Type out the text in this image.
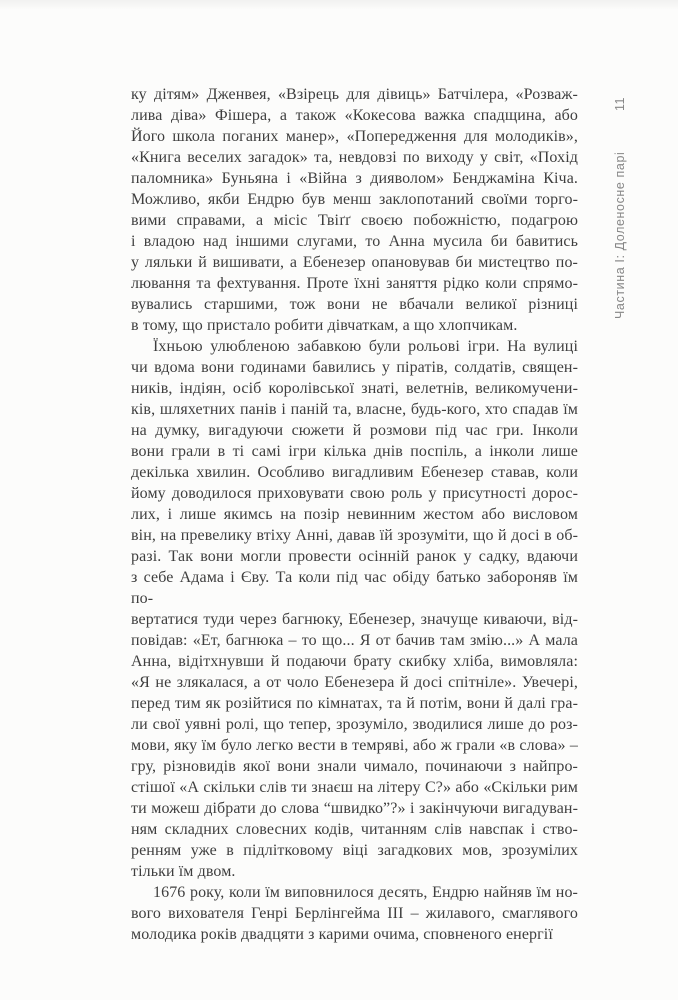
ку дітям» Дженвея, «Взірець для дівиць» Батчілера, «Розваж-
лива діва» Фішера, а також «Кокесова важка спадщина, або
Його школа поганих манер», «Попередження для молодиків»,
«Книга веселих загадок» та, невдовзі по виходу у світ, «Похід
паломника» Буньяна і «Війна з дияволом» Бенджаміна Кіча.
Можливо, якби Ендрю був менш заклопотаний своїми торго-
вими справами, а місіс Твіґґ своєю побожністю, подагрою
і владою над іншими слугами, то Анна мусила би бавитись
у ляльки й вишивати, а Ебенезер опановував би мистецтво по-
лювання та фехтування. Проте їхні заняття рідко коли спрямо-
вувались старшими, тож вони не вбачали великої різниці
в тому, що пристало робити дівчаткам, а що хлопчикам.
Їхньою улюбленою забавкою були рольові ігри. На вулиці
чи вдома вони годинами бавились у піратів, солдатів, священ-
ників, індіян, осіб королівської знаті, велетнів, великомучени-
ків, шляхетних панів і паній та, власне, будь-кого, хто спадав їм
на думку, вигадуючи сюжети й розмови під час гри. Інколи
вони грали в ті самі ігри кілька днів поспіль, а інколи лише
декілька хвилин. Особливо вигадливим Ебенезер ставав, коли
йому доводилося приховувати свою роль у присутності дорос-
лих, і лише якимсь на позір невинним жестом або висловом
він, на превелику втіху Анні, давав їй зрозуміти, що й досі в об-
разі. Так вони могли провести осінній ранок у садку, вдаючи
з себе Адама і Єву. Та коли під час обіду батько забороняв їм по-
вертатися туди через багнюку, Ебенезер, значуще киваючи, від-
повідав: «Ет, багнюка – то що... Я от бачив там змію...» А мала
Анна, відітхнувши й подаючи брату скибку хліба, вимовляла:
«Я не злякалася, а от чоло Ебенезера й досі спітніле». Увечері,
перед тим як розійтися по кімнатах, та й потім, вони й далі гра-
ли свої уявні ролі, що тепер, зрозуміло, зводилися лише до роз-
мови, яку їм було легко вести в темряві, або ж грали «в слова» –
гру, різновидів якої вони знали чимало, починаючи з найпро-
стішої «А скільки слів ти знаєш на літеру С?» або «Скільки рим
ти можеш дібрати до слова “швидко”?» і закінчуючи вигадуван-
ням складних словесних кодів, читанням слів навспак і ство-
ренням уже в підлітковому віці загадкових мов, зрозумілих
тільки їм двом.
1676 року, коли їм виповнилося десять, Ендрю найняв їм но-
вого вихователя Генрі Берлінгейма ІІІ – жилавого, смаглявого
молодика років двадцяти з карими очима, сповненого енергії
Частина І: Доленосне парі
11
